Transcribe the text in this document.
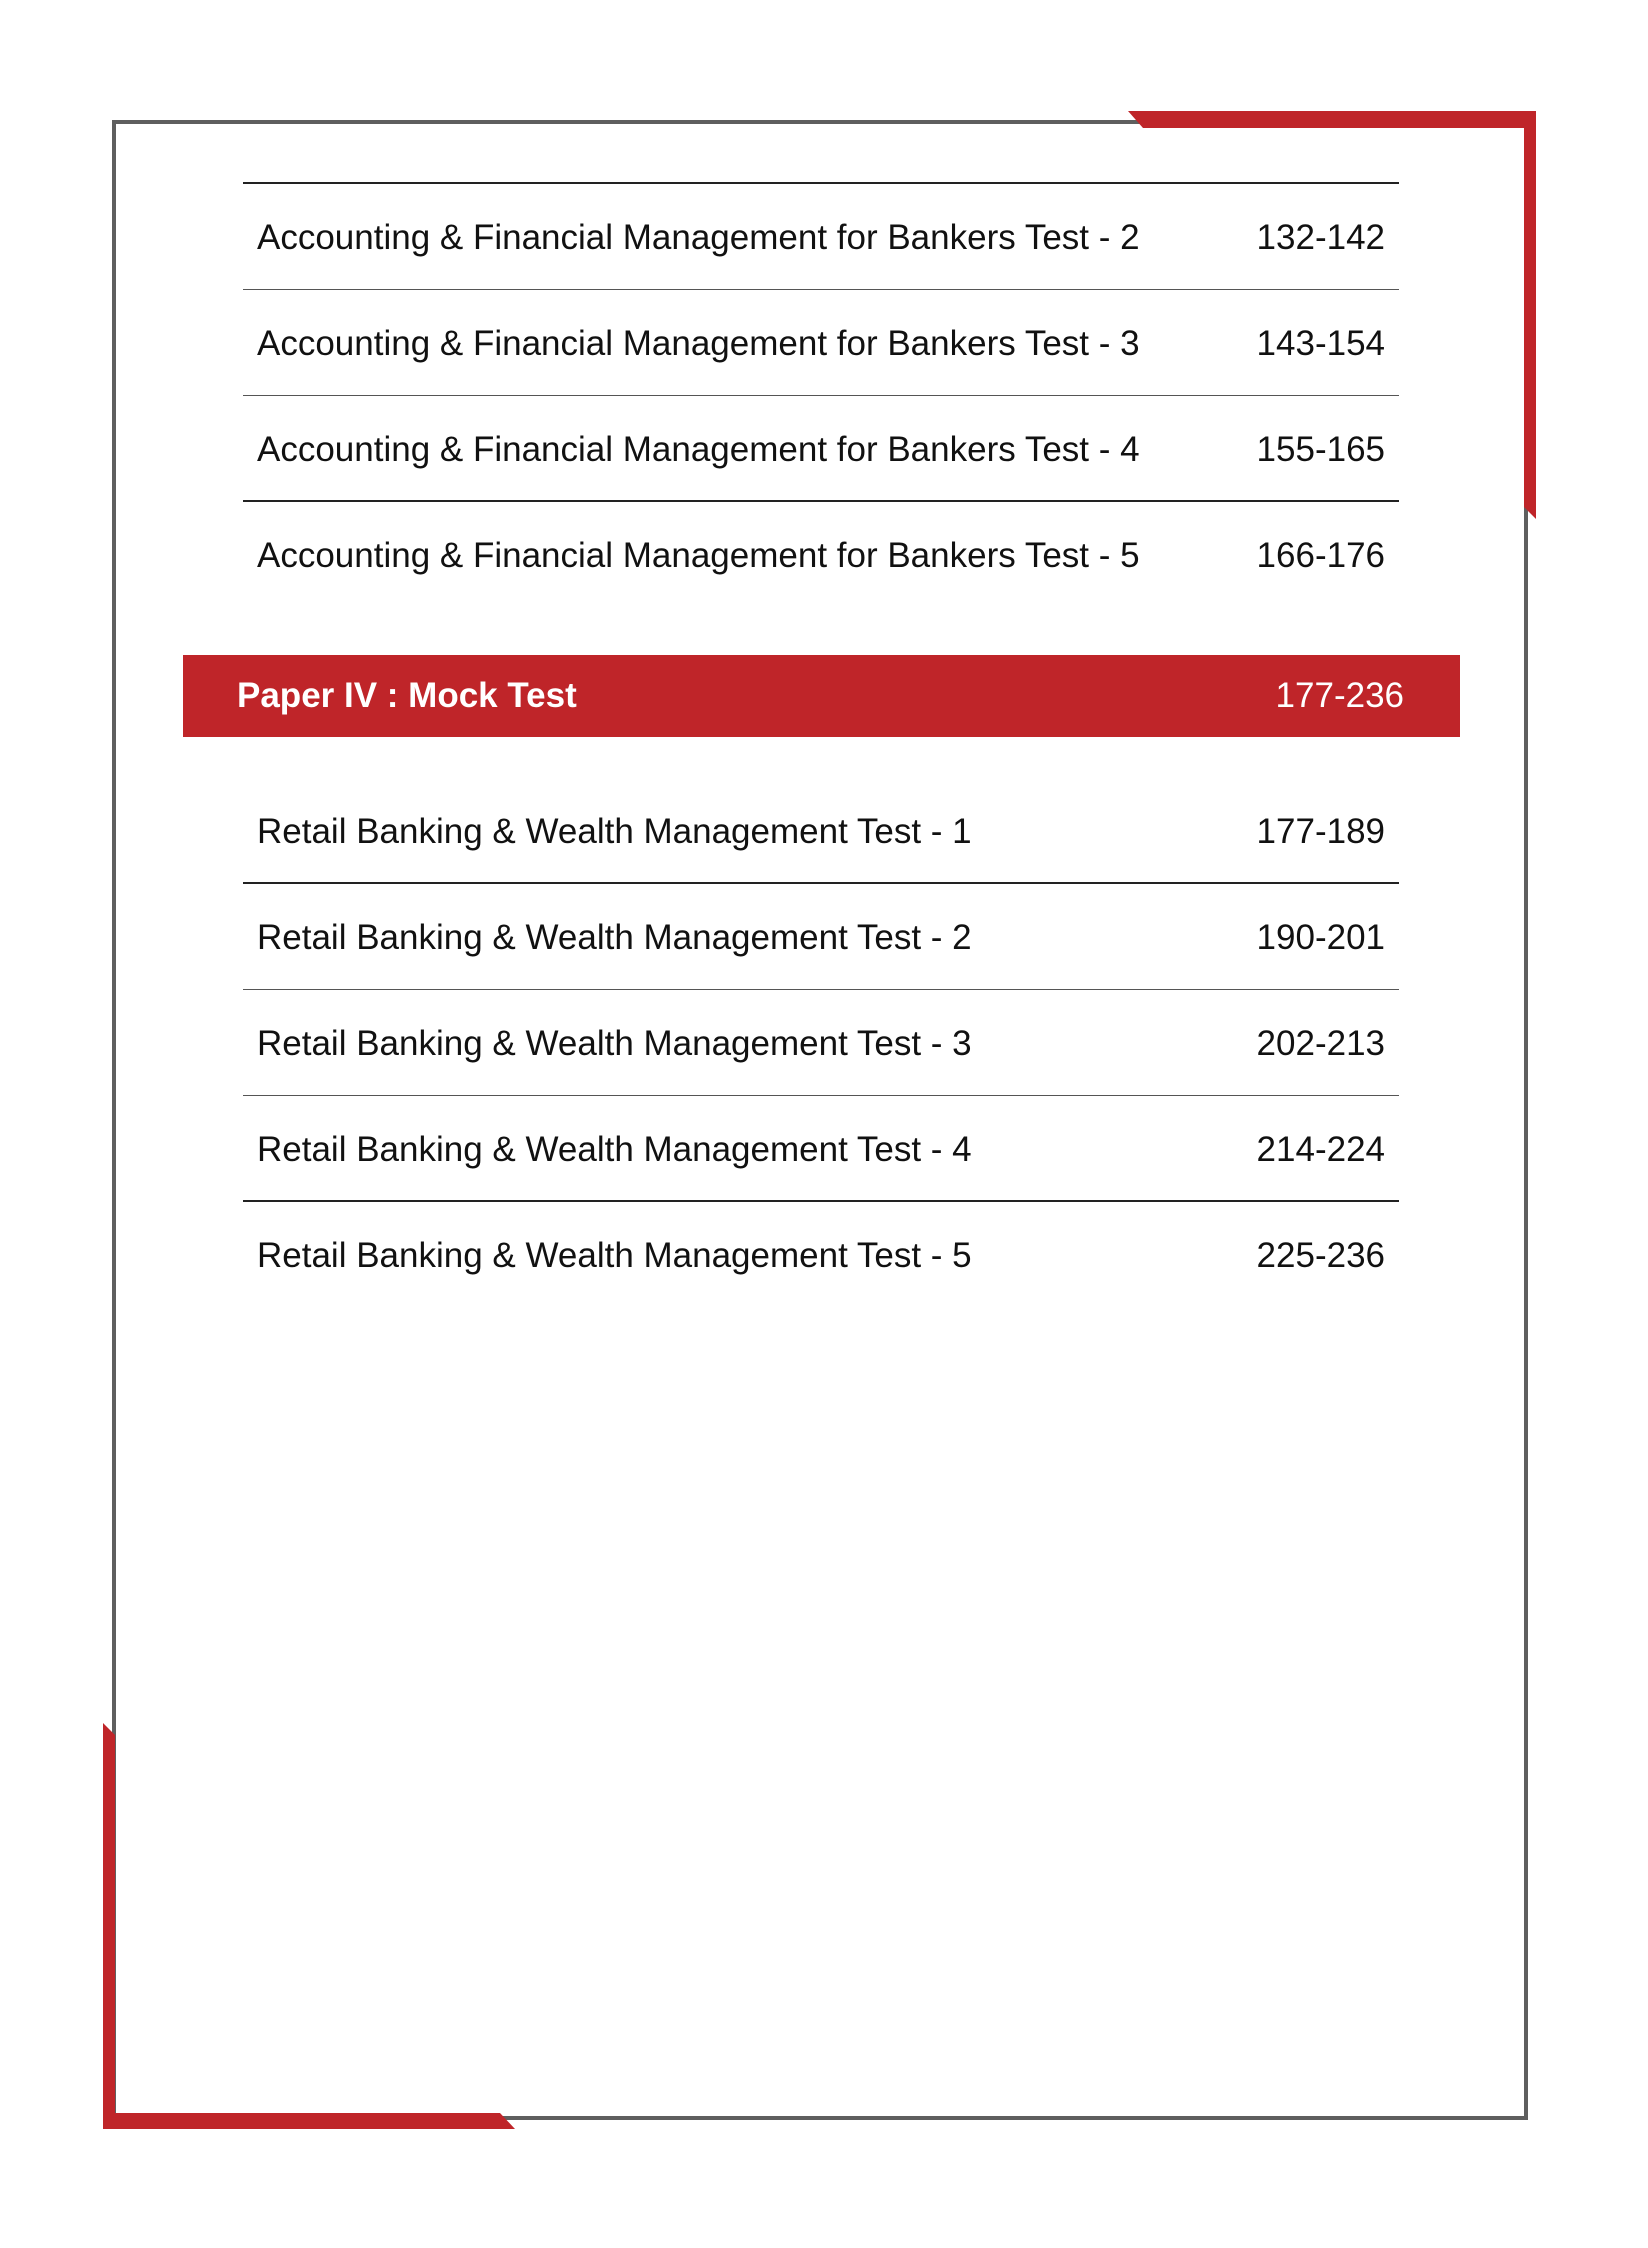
Accounting & Financial Management for Bankers Test - 2	132-142
Accounting & Financial Management for Bankers Test - 3	143-154
Accounting & Financial Management for Bankers Test - 4	155-165
Accounting & Financial Management for Bankers Test - 5	166-176
Paper IV : Mock Test	177-236
Retail Banking & Wealth Management Test - 1	177-189
Retail Banking & Wealth Management Test - 2	190-201
Retail Banking & Wealth Management Test - 3	202-213
Retail Banking & Wealth Management Test - 4	214-224
Retail Banking & Wealth Management Test - 5	225-236
